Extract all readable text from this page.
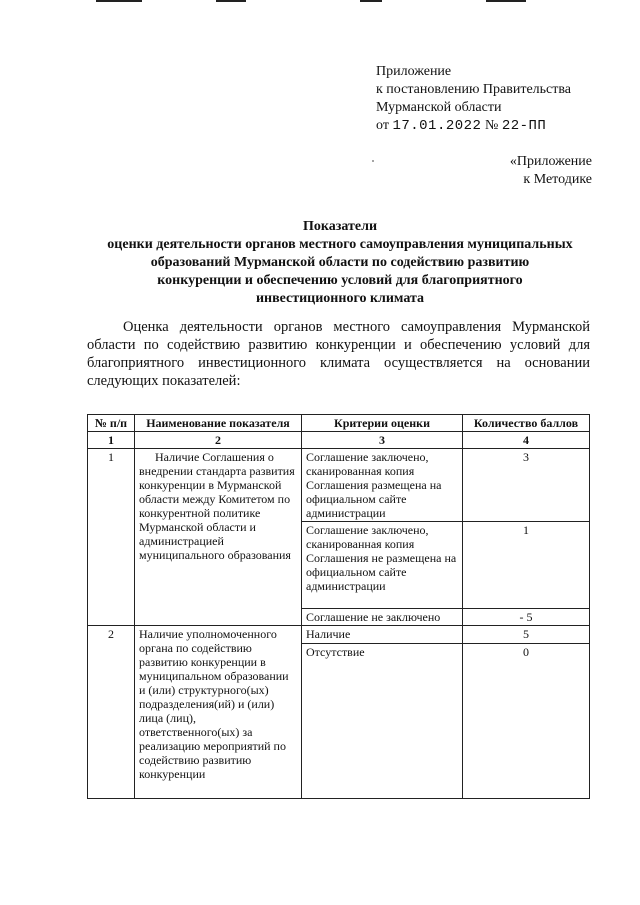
Приложение
к постановлению Правительства
Мурманской области
от 17.01.2022 № 22-ПП
«Приложение
к Методике
Показатели
оценки деятельности органов местного самоуправления муниципальных
образований Мурманской области по содействию развитию
конкуренции и обеспечению условий для благоприятного
инвестиционного климата

Оценка деятельности органов местного самоуправления Мурманской области по содействию развитию конкуренции и обеспечению условий для благоприятного инвестиционного климата осуществляется на основании следующих показателей:

№ п/п	Наименование показателя	Критерии оценки	Количество баллов
1	2	3	4
1	Наличие Соглашения о внедрении стандарта развития конкуренции в Мурманской области между Комитетом по конкурентной политике Мурманской области и администрацией муниципального образования	Соглашение заключено, сканированная копия Соглашения размещена на официальном сайте администрации	3
		Соглашение заключено, сканированная копия Соглашения не размещена на официальном сайте администрации	1
		Соглашение не заключено	- 5
2	Наличие уполномоченного органа по содействию развитию конкуренции в муниципальном образовании и (или) структурного(ых) подразделения(ий) и (или) лица (лиц), ответственного(ых) за реализацию мероприятий по содействию развитию конкуренции	Наличие	5
		Отсутствие	0
